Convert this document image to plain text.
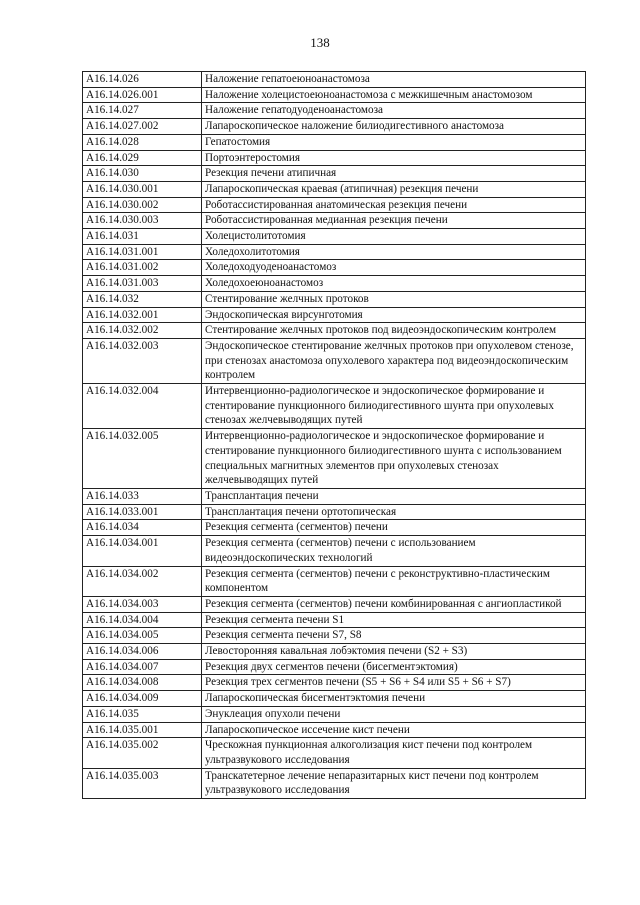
138
A16.14.026	Наложение гепатоеюноанастомоза
A16.14.026.001	Наложение холецистоеюноанастомоза с межкишечным анастомозом
A16.14.027	Наложение гепатодуоденоанастомоза
A16.14.027.002	Лапароскопическое наложение билиодигестивного анастомоза
A16.14.028	Гепатостомия
A16.14.029	Портоэнтеростомия
A16.14.030	Резекция печени атипичная
A16.14.030.001	Лапароскопическая краевая (атипичная) резекция печени
A16.14.030.002	Роботассистированная анатомическая резекция печени
A16.14.030.003	Роботассистированная медианная резекция печени
A16.14.031	Холецистолитотомия
A16.14.031.001	Холедохолитотомия
A16.14.031.002	Холедоходуоденоанастомоз
A16.14.031.003	Холедохоеюноанастомоз
A16.14.032	Стентирование желчных протоков
A16.14.032.001	Эндоскопическая вирсунготомия
A16.14.032.002	Стентирование желчных протоков под видеоэндоскопическим контролем
A16.14.032.003	Эндоскопическое стентирование желчных протоков при опухолевом стенозе, при стенозах анастомоза опухолевого характера под видеоэндоскопическим контролем
A16.14.032.004	Интервенционно-радиологическое и эндоскопическое формирование и стентирование пункционного билиодигестивного шунта при опухолевых стенозах желчевыводящих путей
A16.14.032.005	Интервенционно-радиологическое и эндоскопическое формирование и стентирование пункционного билиодигестивного шунта с использованием специальных магнитных элементов при опухолевых стенозах желчевыводящих путей
A16.14.033	Трансплантация печени
A16.14.033.001	Трансплантация печени ортотопическая
A16.14.034	Резекция сегмента (сегментов) печени
A16.14.034.001	Резекция сегмента (сегментов) печени с использованием видеоэндоскопических технологий
A16.14.034.002	Резекция сегмента (сегментов) печени с реконструктивно-пластическим компонентом
A16.14.034.003	Резекция сегмента (сегментов) печени комбинированная с ангиопластикой
A16.14.034.004	Резекция сегмента печени S1
A16.14.034.005	Резекция сегмента печени S7, S8
A16.14.034.006	Левосторонняя кавальная лобэктомия печени (S2 + S3)
A16.14.034.007	Резекция двух сегментов печени (бисегментэктомия)
A16.14.034.008	Резекция трех сегментов печени (S5 + S6 + S4 или S5 + S6 + S7)
A16.14.034.009	Лапароскопическая бисегментэктомия печени
A16.14.035	Энуклеация опухоли печени
A16.14.035.001	Лапароскопическое иссечение кист печени
A16.14.035.002	Чрескожная пункционная алкоголизация кист печени под контролем ультразвукового исследования
A16.14.035.003	Транскатетерное лечение непаразитарных кист печени под контролем ультразвукового исследования
